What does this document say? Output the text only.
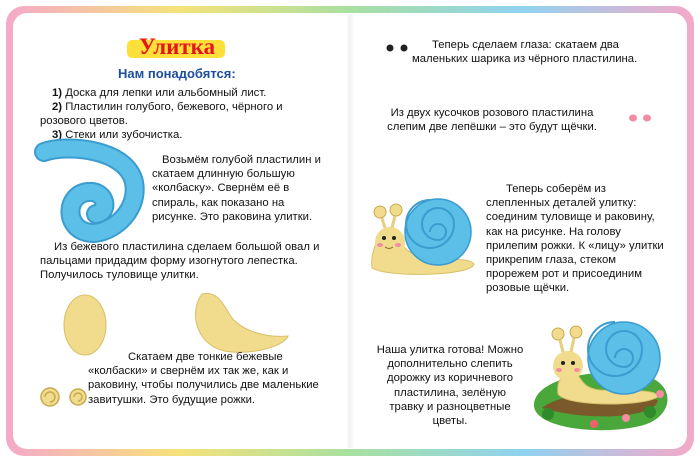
Улитка
Нам понадобятся:
1) Доска для лепки или альбомный лист.
2) Пластилин голубого, бежевого, чёрного и розового цветов.
3) Стеки или зубочистка.
Возьмём голубой пластилин и скатаем длинную большую «колбаску». Свернём её в спираль, как показано на рисунке. Это раковина улитки.
Из бежевого пластилина сделаем большой овал и пальцами придадим форму изогнутого лепестка. Получилось туловище улитки.
Скатаем две тонкие бежевые «колбаски» и свернём их так же, как и раковину, чтобы получились две маленькие завитушки. Это будущие рожки.
Теперь сделаем глаза: скатаем два маленьких шарика из чёрного пластилина.
Из двух кусочков розового пластилина слепим две лепёшки – это будут щёчки.
Теперь соберём из слепленных деталей улитку: соединим туловище и раковину, как на рисунке. На голову прилепим рожки. К «лицу» улитки прикрепим глаза, стеком прорежем рот и присоединим розовые щёчки.
Наша улитка готова! Можно дополнительно слепить дорожку из коричневого пластилина, зелёную травку и разноцветные цветы.
